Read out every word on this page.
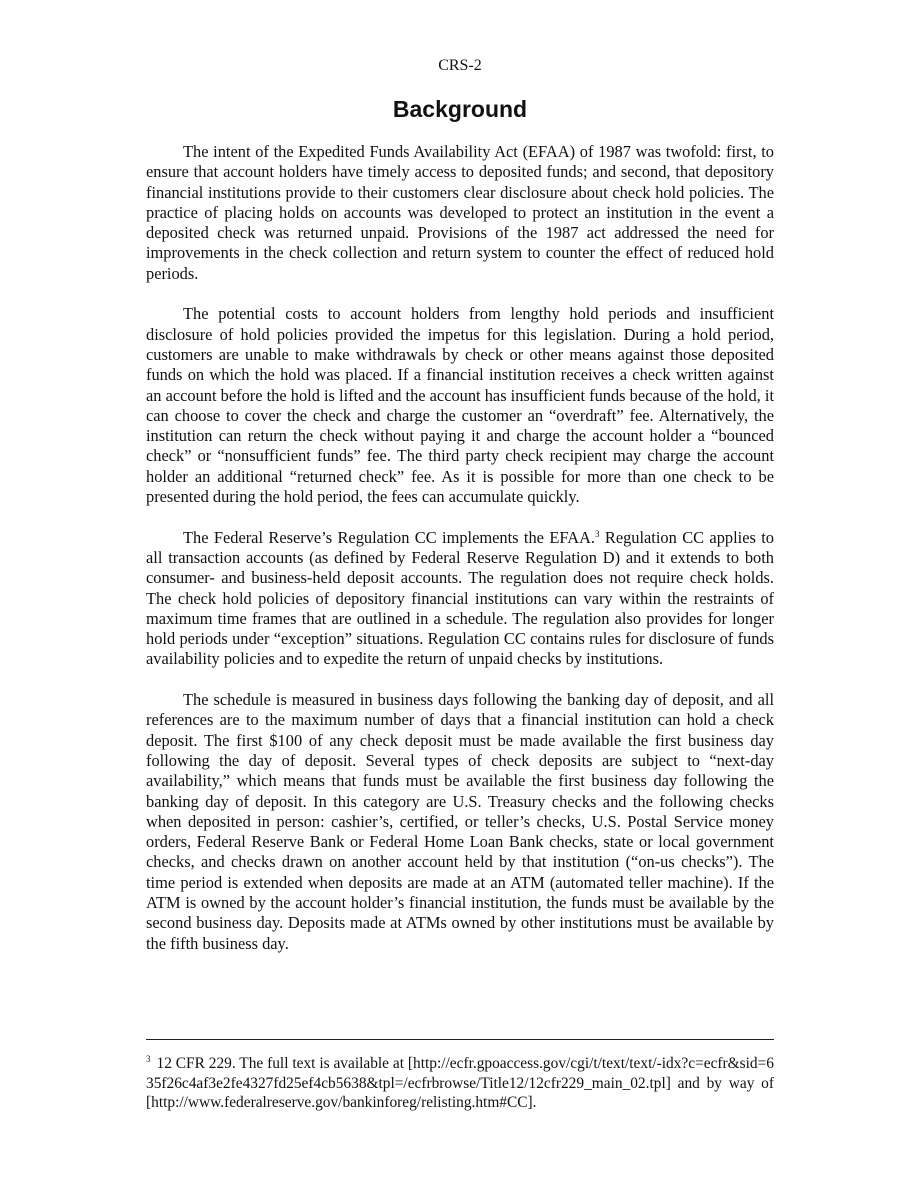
CRS-2
Background

The intent of the Expedited Funds Availability Act (EFAA) of 1987 was twofold: first, to ensure that account holders have timely access to deposited funds; and second, that depository financial institutions provide to their customers clear disclosure about check hold policies. The practice of placing holds on accounts was developed to protect an institution in the event a deposited check was returned unpaid. Provisions of the 1987 act addressed the need for improvements in the check collection and return system to counter the effect of reduced hold periods.

The potential costs to account holders from lengthy hold periods and insufficient disclosure of hold policies provided the impetus for this legislation. During a hold period, customers are unable to make withdrawals by check or other means against those deposited funds on which the hold was placed. If a financial institution receives a check written against an account before the hold is lifted and the account has insufficient funds because of the hold, it can choose to cover the check and charge the customer an “overdraft” fee. Alternatively, the institution can return the check without paying it and charge the account holder a “bounced check” or “nonsufficient funds” fee. The third party check recipient may charge the account holder an additional “returned check” fee. As it is possible for more than one check to be presented during the hold period, the fees can accumulate quickly.

The Federal Reserve’s Regulation CC implements the EFAA.$^3$ Regulation CC applies to all transaction accounts (as defined by Federal Reserve Regulation D) and it extends to both consumer- and business-held deposit accounts. The regulation does not require check holds. The check hold policies of depository financial institutions can vary within the restraints of maximum time frames that are outlined in a schedule. The regulation also provides for longer hold periods under “exception” situations. Regulation CC contains rules for disclosure of funds availability policies and to expedite the return of unpaid checks by institutions.

The schedule is measured in business days following the banking day of deposit, and all references are to the maximum number of days that a financial institution can hold a check deposit. The first $100 of any check deposit must be made available the first business day following the day of deposit. Several types of check deposits are subject to “next-day availability,” which means that funds must be available the first business day following the banking day of deposit. In this category are U.S. Treasury checks and the following checks when deposited in person: cashier’s, certified, or teller’s checks, U.S. Postal Service money orders, Federal Reserve Bank or Federal Home Loan Bank checks, state or local government checks, and checks drawn on another account held by that institution (“on-us checks”). The time period is extended when deposits are made at an ATM (automated teller machine). If the ATM is owned by the account holder’s financial institution, the funds must be available by the second business day. Deposits made at ATMs owned by other institutions must be available by the fifth business day.

$^3$ 12 CFR 229. The full text is available at [http://ecfr.gpoaccess.gov/cgi/t/text/text/-idx?c=ecfr&sid=635f26c4af3e2fe4327fd25ef4cb5638&tpl=/ecfrbrowse/Title12/12cfr229_main_02.tpl] and by way of [http://www.federalreserve.gov/bankinforeg/relisting.htm#CC].
